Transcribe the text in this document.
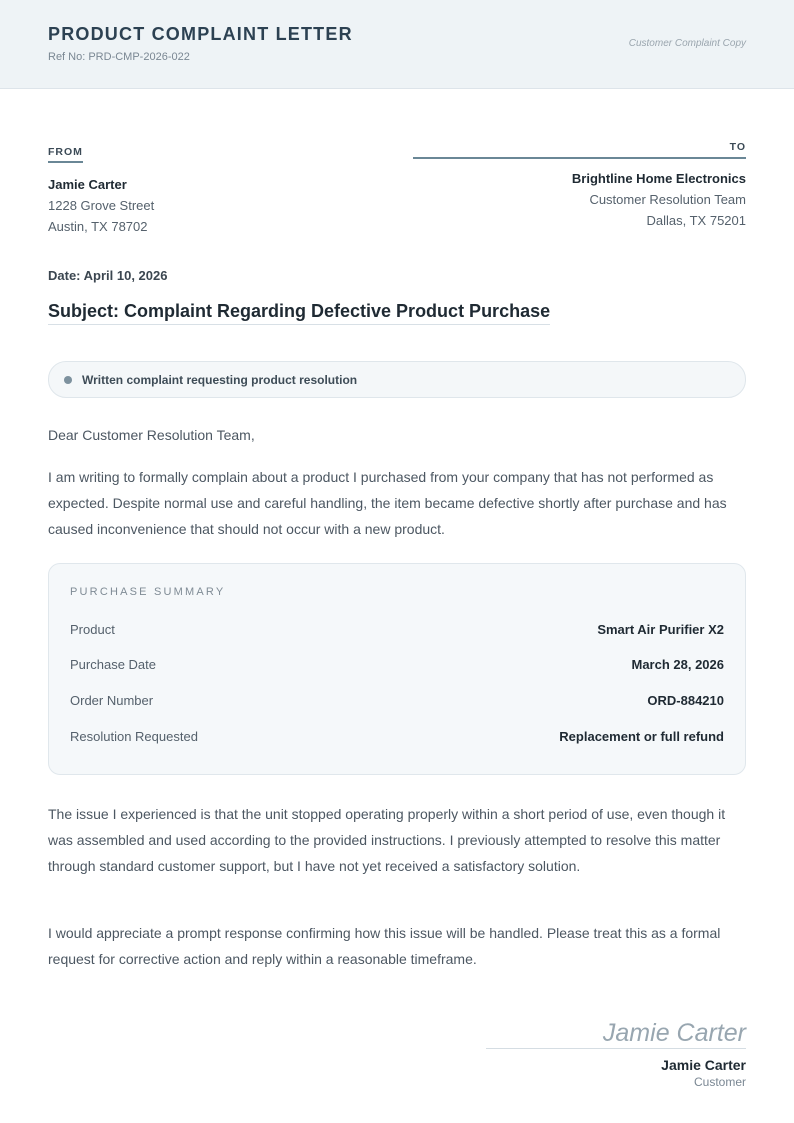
PRODUCT COMPLAINT LETTER
Ref No: PRD-CMP-2026-022
Customer Complaint Copy
FROM
Jamie Carter
1228 Grove Street
Austin, TX 78702
TO
Brightline Home Electronics
Customer Resolution Team
Dallas, TX 75201
Date: April 10, 2026
Subject: Complaint Regarding Defective Product Purchase
Written complaint requesting product resolution
Dear Customer Resolution Team,
I am writing to formally complain about a product I purchased from your company that has not performed as expected. Despite normal use and careful handling, the item became defective shortly after purchase and has caused inconvenience that should not occur with a new product.
PURCHASE SUMMARY
Product	Smart Air Purifier X2
Purchase Date	March 28, 2026
Order Number	ORD-884210
Resolution Requested	Replacement or full refund
The issue I experienced is that the unit stopped operating properly within a short period of use, even though it was assembled and used according to the provided instructions. I previously attempted to resolve this matter through standard customer support, but I have not yet received a satisfactory solution.
I would appreciate a prompt response confirming how this issue will be handled. Please treat this as a formal request for corrective action and reply within a reasonable timeframe.
Jamie Carter
Jamie Carter
Customer
